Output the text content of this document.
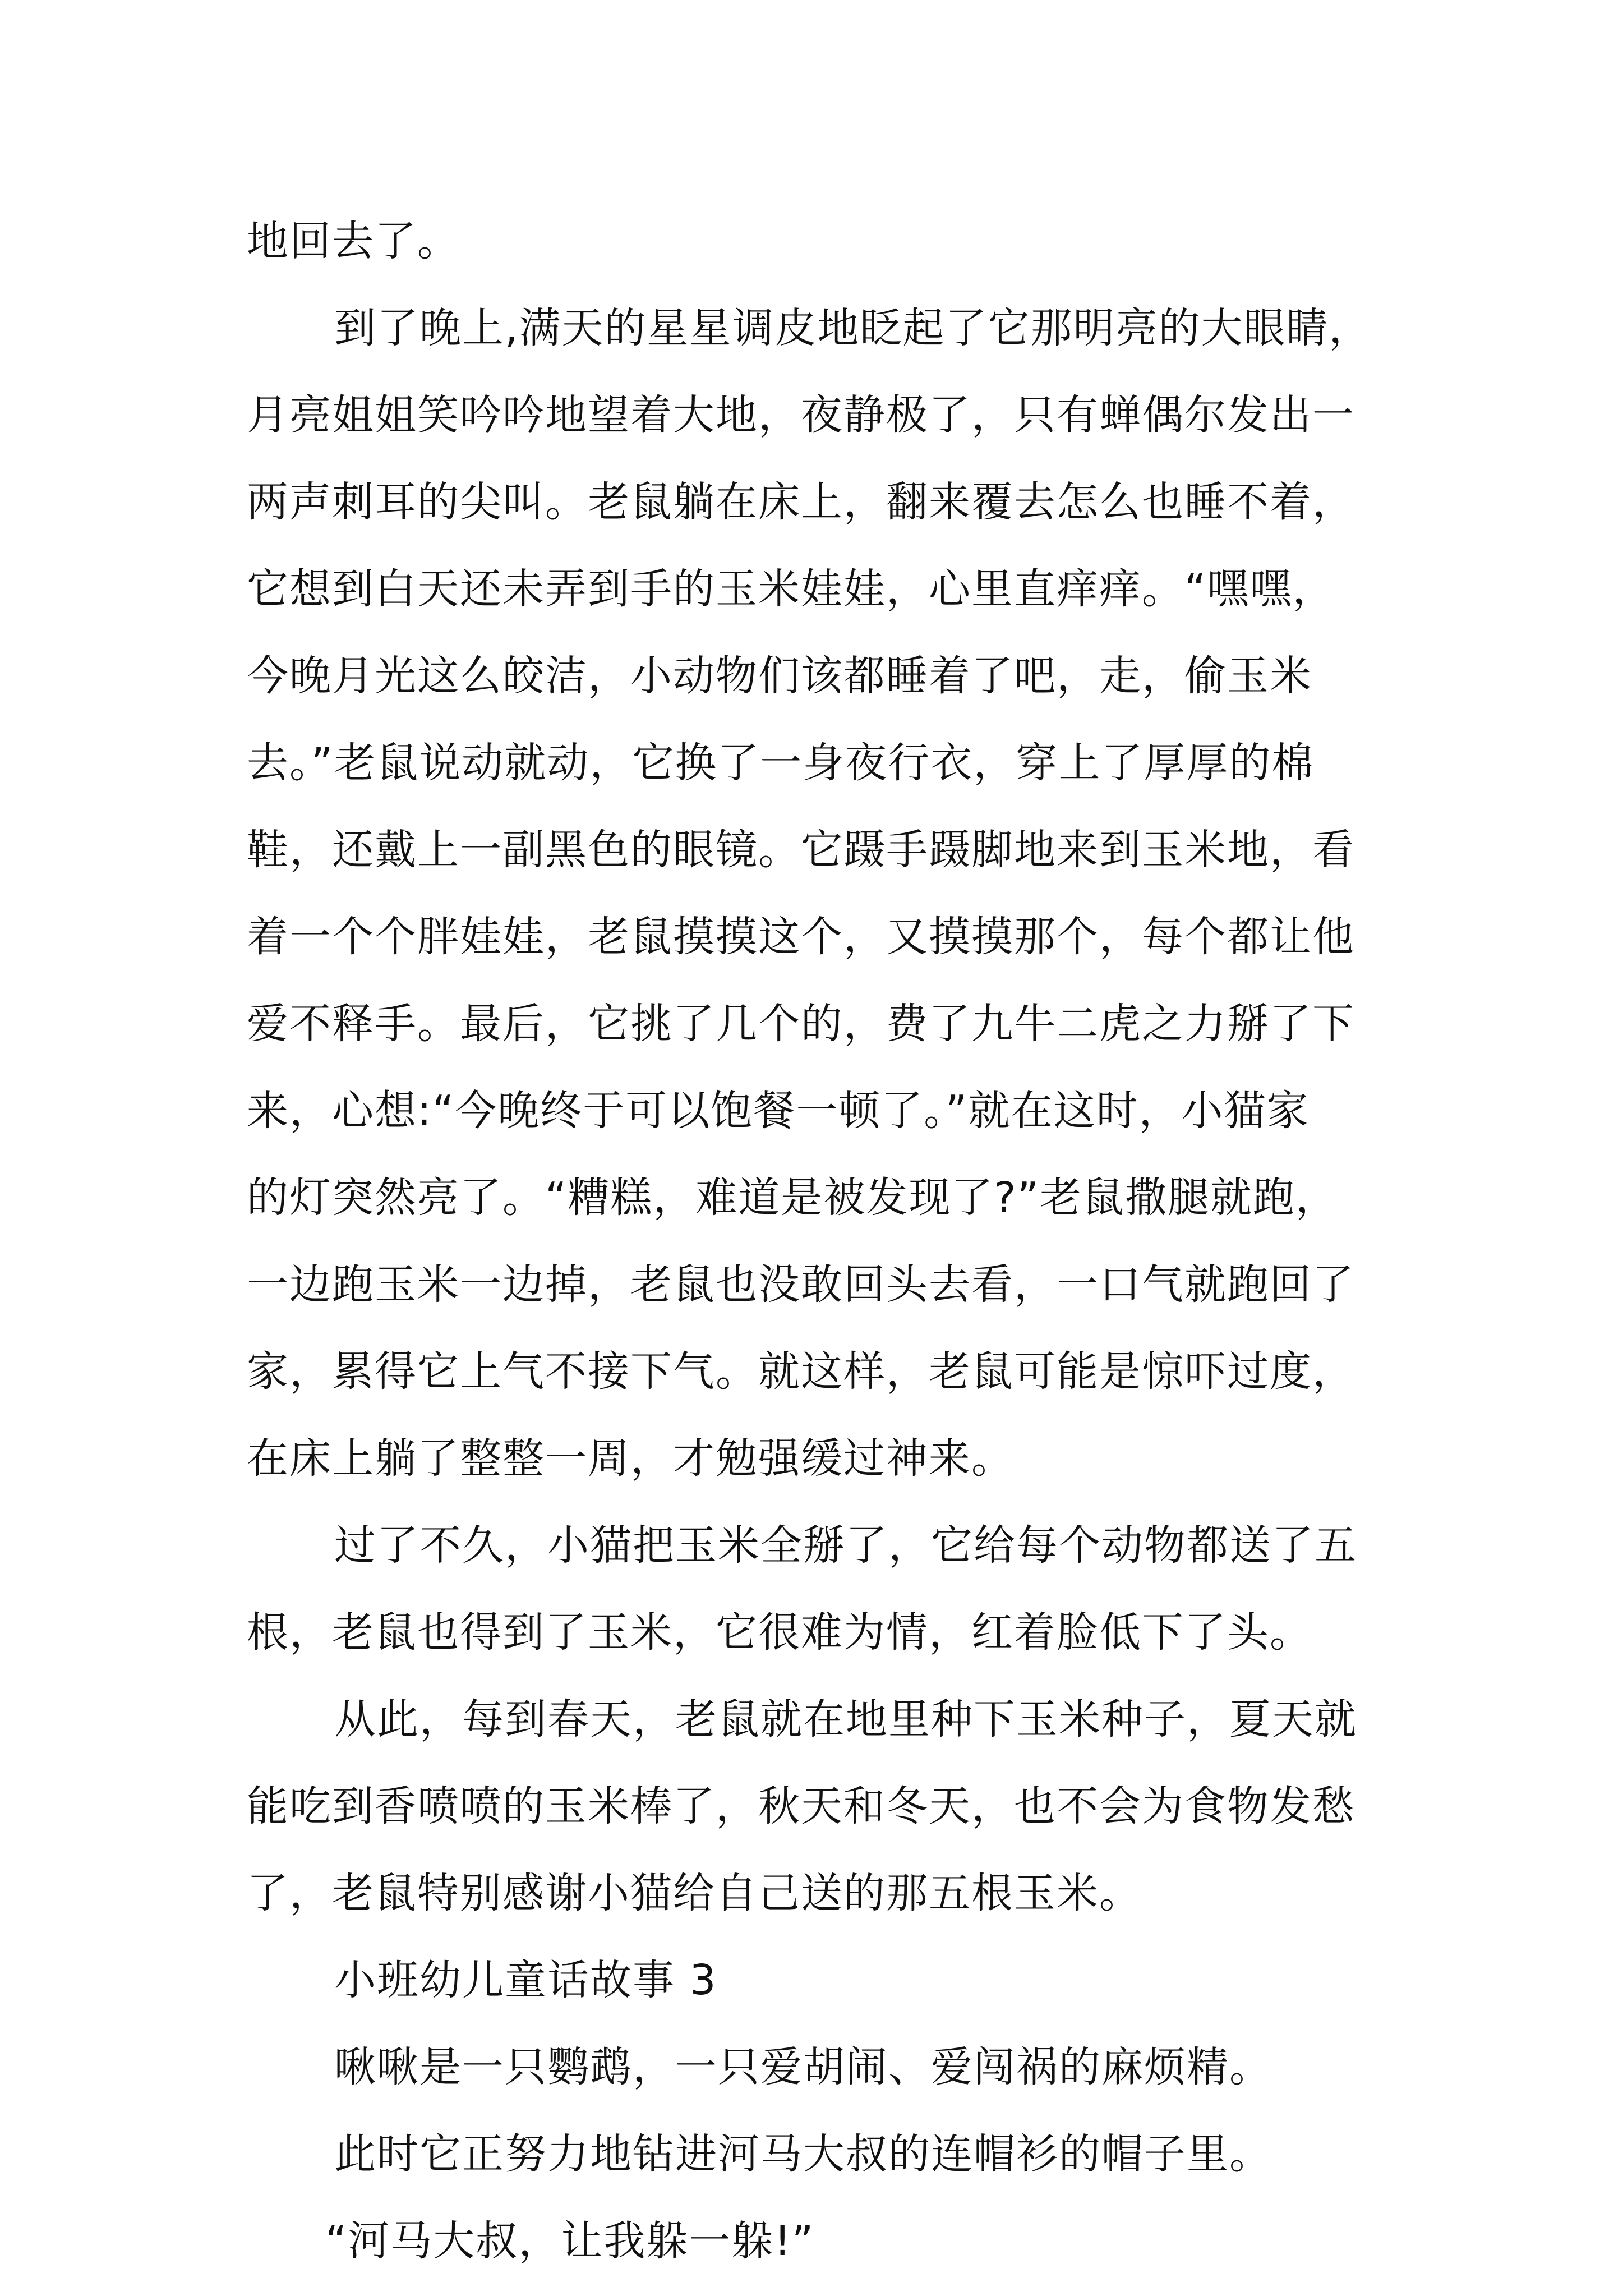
地回去了。
到了晚上,满天的星星调皮地眨起了它那明亮的大眼睛，
月亮姐姐笑吟吟地望着大地，夜静极了，只有蝉偶尔发出一
两声刺耳的尖叫。老鼠躺在床上，翻来覆去怎么也睡不着，
它想到白天还未弄到手的玉米娃娃，心里直痒痒。“嘿嘿，
今晚月光这么皎洁，小动物们该都睡着了吧，走，偷玉米
去。”老鼠说动就动，它换了一身夜行衣，穿上了厚厚的棉
鞋，还戴上一副黑色的眼镜。它蹑手蹑脚地来到玉米地，看
着一个个胖娃娃，老鼠摸摸这个，又摸摸那个，每个都让他
爱不释手。最后，它挑了几个的，费了九牛二虎之力掰了下
来，心想:“今晚终于可以饱餐一顿了。”就在这时，小猫家
的灯突然亮了。“糟糕，难道是被发现了?”老鼠撒腿就跑，
一边跑玉米一边掉，老鼠也没敢回头去看，一口气就跑回了
家，累得它上气不接下气。就这样，老鼠可能是惊吓过度，
在床上躺了整整一周，才勉强缓过神来。
过了不久，小猫把玉米全掰了，它给每个动物都送了五
根，老鼠也得到了玉米，它很难为情，红着脸低下了头。
从此，每到春天，老鼠就在地里种下玉米种子，夏天就
能吃到香喷喷的玉米棒了，秋天和冬天，也不会为食物发愁
了，老鼠特别感谢小猫给自己送的那五根玉米。
小班幼儿童话故事 3
啾啾是一只鹦鹉，一只爱胡闹、爱闯祸的麻烦精。
此时它正努力地钻进河马大叔的连帽衫的帽子里。
“河马大叔，让我躲一躲!”
